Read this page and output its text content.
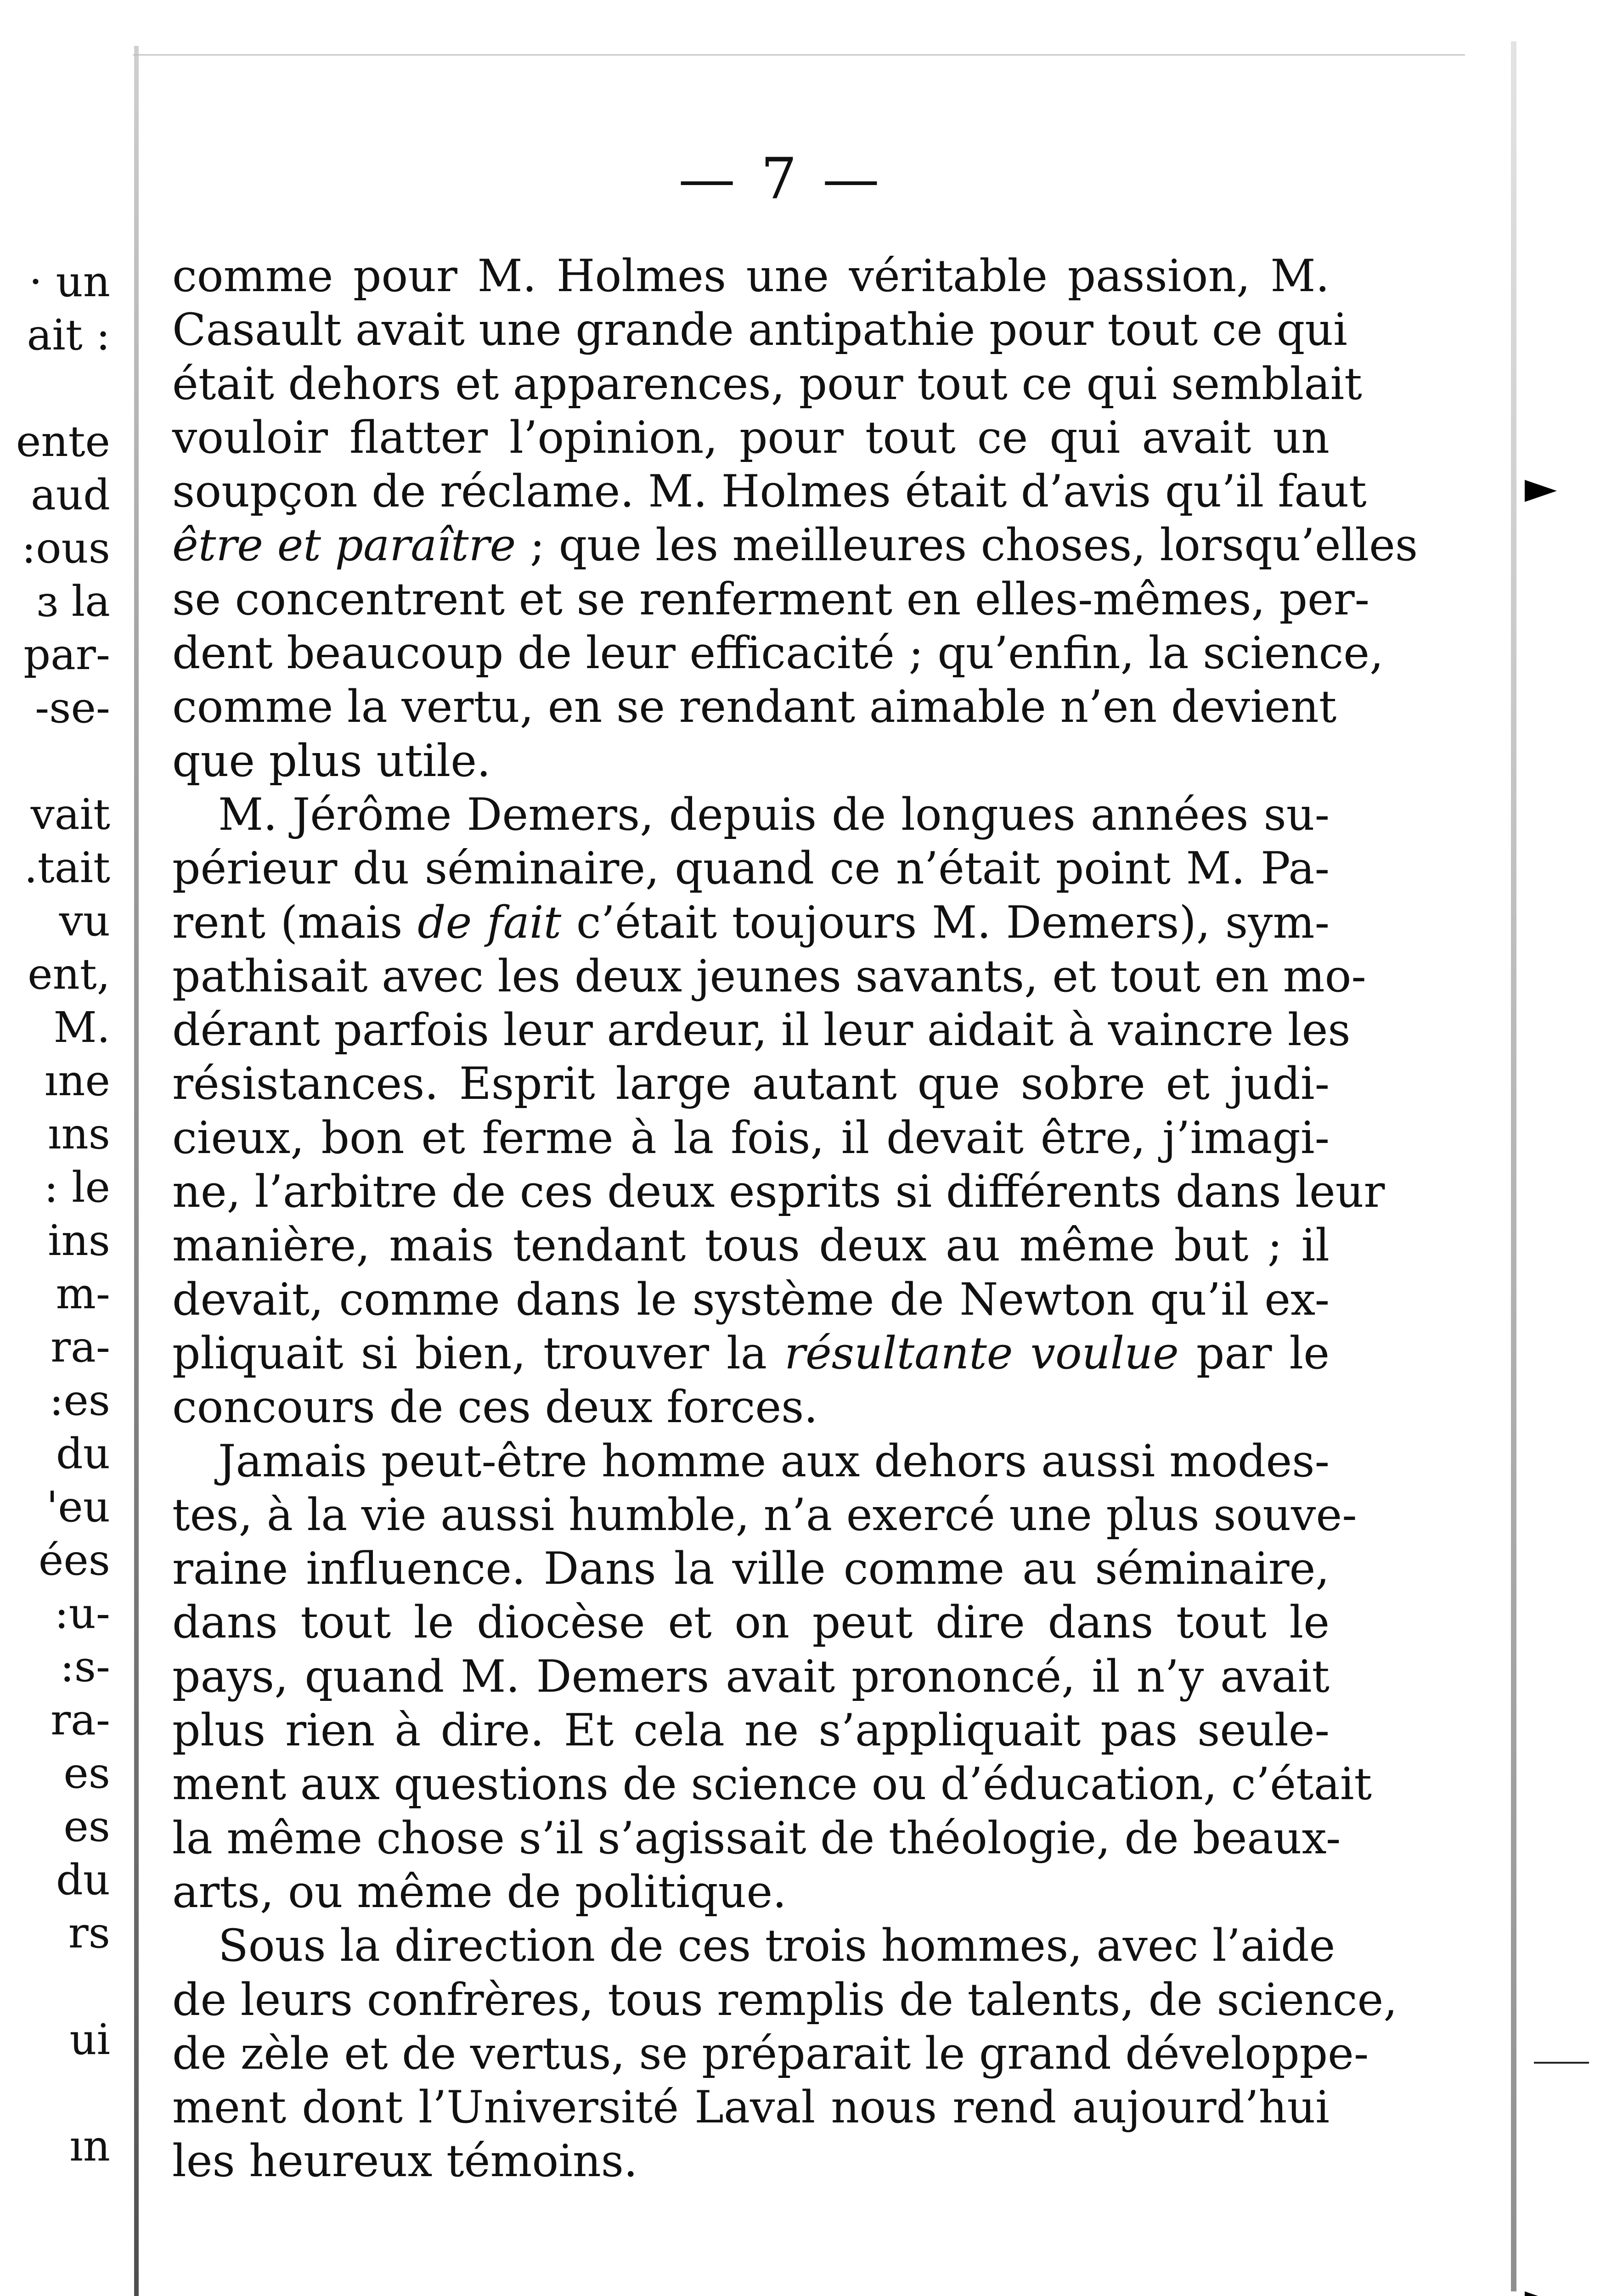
— 7 —
· un
ait :
ente
aud
:ous
ɜ la
par-
-se-
vait
.tait
vu
ent,
M.
ıne
ıns
: le
ins
m-
ra-
:es
du
'eu
ées
:u-
:s-
ra-
es
es
du
rs
ui
ın
comme pour M. Holmes une véritable passion, M.
Casault avait une grande antipathie pour tout ce qui
était dehors et apparences, pour tout ce qui semblait
vouloir flatter l’opinion, pour tout ce qui avait un
soupçon de réclame. M. Holmes était d’avis qu’il faut
être et paraître ; que les meilleures choses, lorsqu’elles
se concentrent et se renferment en elles-mêmes, per-
dent beaucoup de leur efficacité ; qu’enfin, la science,
comme la vertu, en se rendant aimable n’en devient
que plus utile.
M. Jérôme Demers, depuis de longues années su-
périeur du séminaire, quand ce n’était point M. Pa-
rent (mais de fait c’était toujours M. Demers), sym-
pathisait avec les deux jeunes savants, et tout en mo-
dérant parfois leur ardeur, il leur aidait à vaincre les
résistances. Esprit large autant que sobre et judi-
cieux, bon et ferme à la fois, il devait être, j’imagi-
ne, l’arbitre de ces deux esprits si différents dans leur
manière, mais tendant tous deux au même but ; il
devait, comme dans le système de Newton qu’il ex-
pliquait si bien, trouver la résultante voulue par le
concours de ces deux forces.
Jamais peut-être homme aux dehors aussi modes-
tes, à la vie aussi humble, n’a exercé une plus souve-
raine influence. Dans la ville comme au séminaire,
dans tout le diocèse et on peut dire dans tout le
pays, quand M. Demers avait prononcé, il n’y avait
plus rien à dire. Et cela ne s’appliquait pas seule-
ment aux questions de science ou d’éducation, c’était
la même chose s’il s’agissait de théologie, de beaux-
arts, ou même de politique.
Sous la direction de ces trois hommes, avec l’aide
de leurs confrères, tous remplis de talents, de science,
de zèle et de vertus, se préparait le grand développe-
ment dont l’Université Laval nous rend aujourd’hui
les heureux témoins.
